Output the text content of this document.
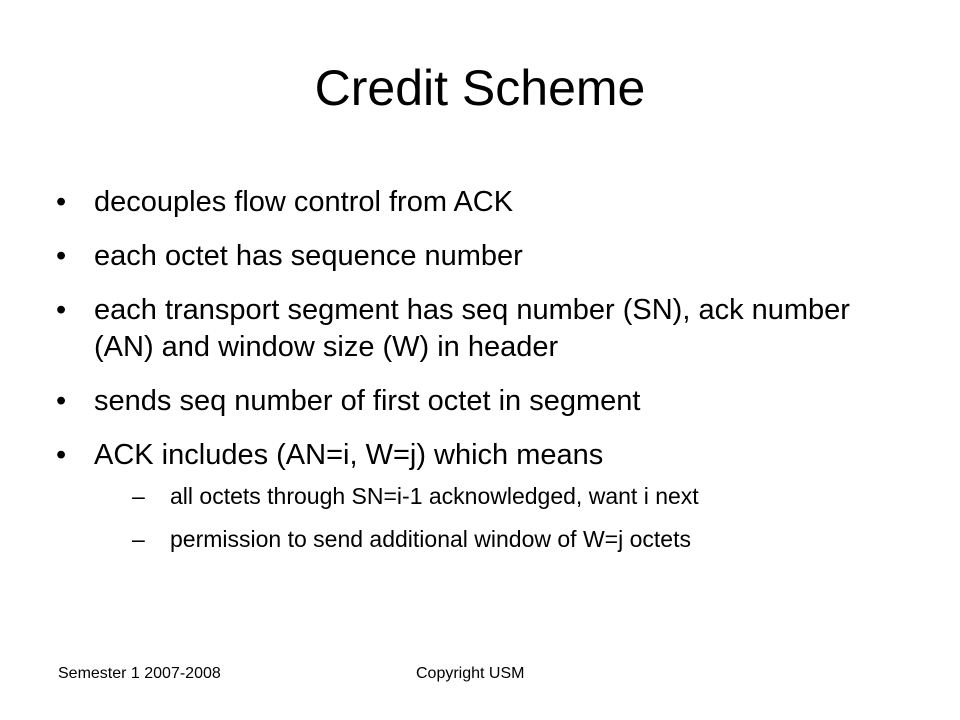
Credit Scheme
• decouples flow control from ACK
• each octet has sequence number
• each transport segment has seq number (SN), ack number (AN) and window size (W) in header
• sends seq number of first octet in segment
• ACK includes (AN=i, W=j) which means
– all octets through SN=i-1 acknowledged, want i next
– permission to send additional window of W=j octets
Semester 1 2007-2008	Copyright USM
